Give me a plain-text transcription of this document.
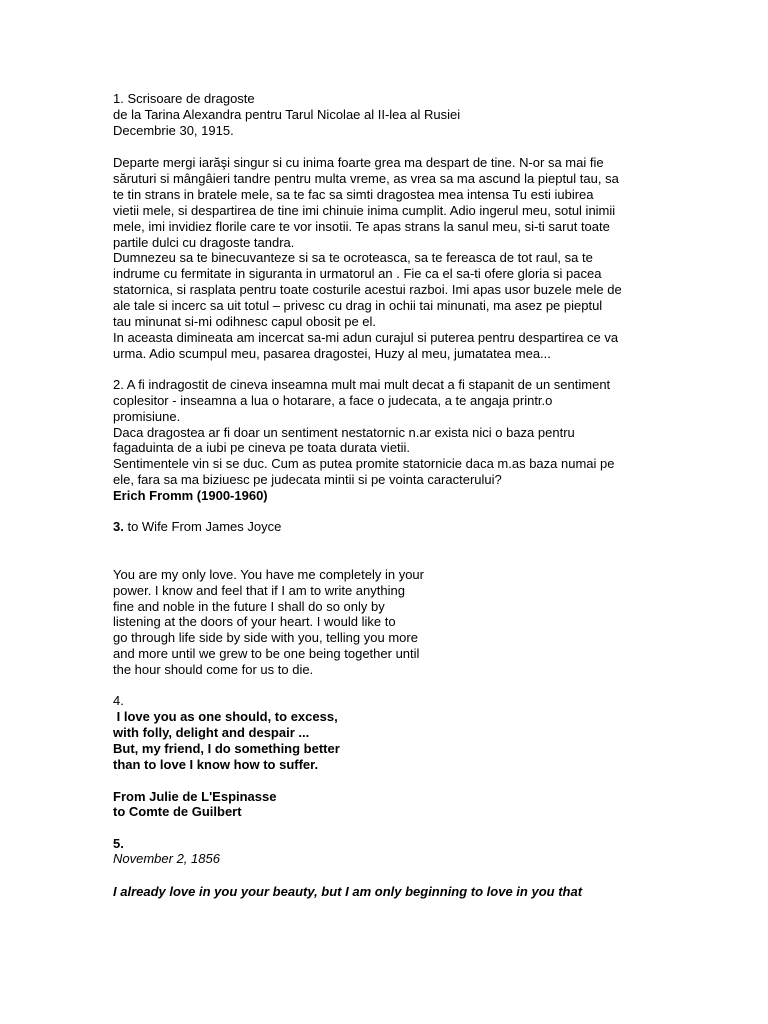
1. Scrisoare de dragoste

de la Tarina Alexandra pentru Tarul Nicolae al II-lea al Rusiei

Decembrie 30, 1915.

Departe mergi iarăşi singur si cu inima foarte grea ma despart de tine. N-or sa mai fie

săruturi si mângâieri tandre pentru multa vreme, as vrea sa ma ascund la pieptul tau, sa

te tin strans in bratele mele, sa te fac sa simti dragostea mea intensa Tu esti iubirea

vietii mele, si despartirea de tine imi chinuie inima cumplit. Adio ingerul meu, sotul inimii

mele, imi invidiez florile care te vor insotii. Te apas strans la sanul meu, si-ti sarut toate

partile dulci cu dragoste tandra.

Dumnezeu sa te binecuvanteze si sa te ocroteasca, sa te fereasca de tot raul, sa te

indrume cu fermitate in siguranta in urmatorul an . Fie ca el sa-ti ofere gloria si pacea

statornica, si rasplata pentru toate costurile acestui razboi. Imi apas usor buzele mele de

ale tale si incerc sa uit totul – privesc cu drag in ochii tai minunati, ma asez pe pieptul

tau minunat si-mi odihnesc capul obosit pe el.

In aceasta dimineata am incercat sa-mi adun curajul si puterea pentru despartirea ce va

urma. Adio scumpul meu, pasarea dragostei, Huzy al meu, jumatatea mea...

2. A fi indragostit de cineva inseamna mult mai mult decat a fi stapanit de un sentiment

coplesitor - inseamna a lua o hotarare, a face o judecata, a te angaja printr.o

promisiune.

Daca dragostea ar fi doar un sentiment nestatornic n.ar exista nici o baza pentru

fagaduinta de a iubi pe cineva pe toata durata vietii.

Sentimentele vin si se duc. Cum as putea promite statornicie daca m.as baza numai pe

ele, fara sa ma biziuesc pe judecata mintii si pe vointa caracterului?

Erich Fromm (1900-1960)

3. to Wife From James Joyce

You are my only love. You have me completely in your

power. I know and feel that if I am to write anything

fine and noble in the future I shall do so only by

listening at the doors of your heart. I would like to

go through life side by side with you, telling you more

and more until we grew to be one being together until

the hour should come for us to die.

4.

I love you as one should, to excess,

with folly, delight and despair ...

But, my friend, I do something better

than to love I know how to suffer.

From Julie de L'Espinasse

to Comte de Guilbert

5.

November 2, 1856

I already love in you your beauty, but I am only beginning to love in you that
